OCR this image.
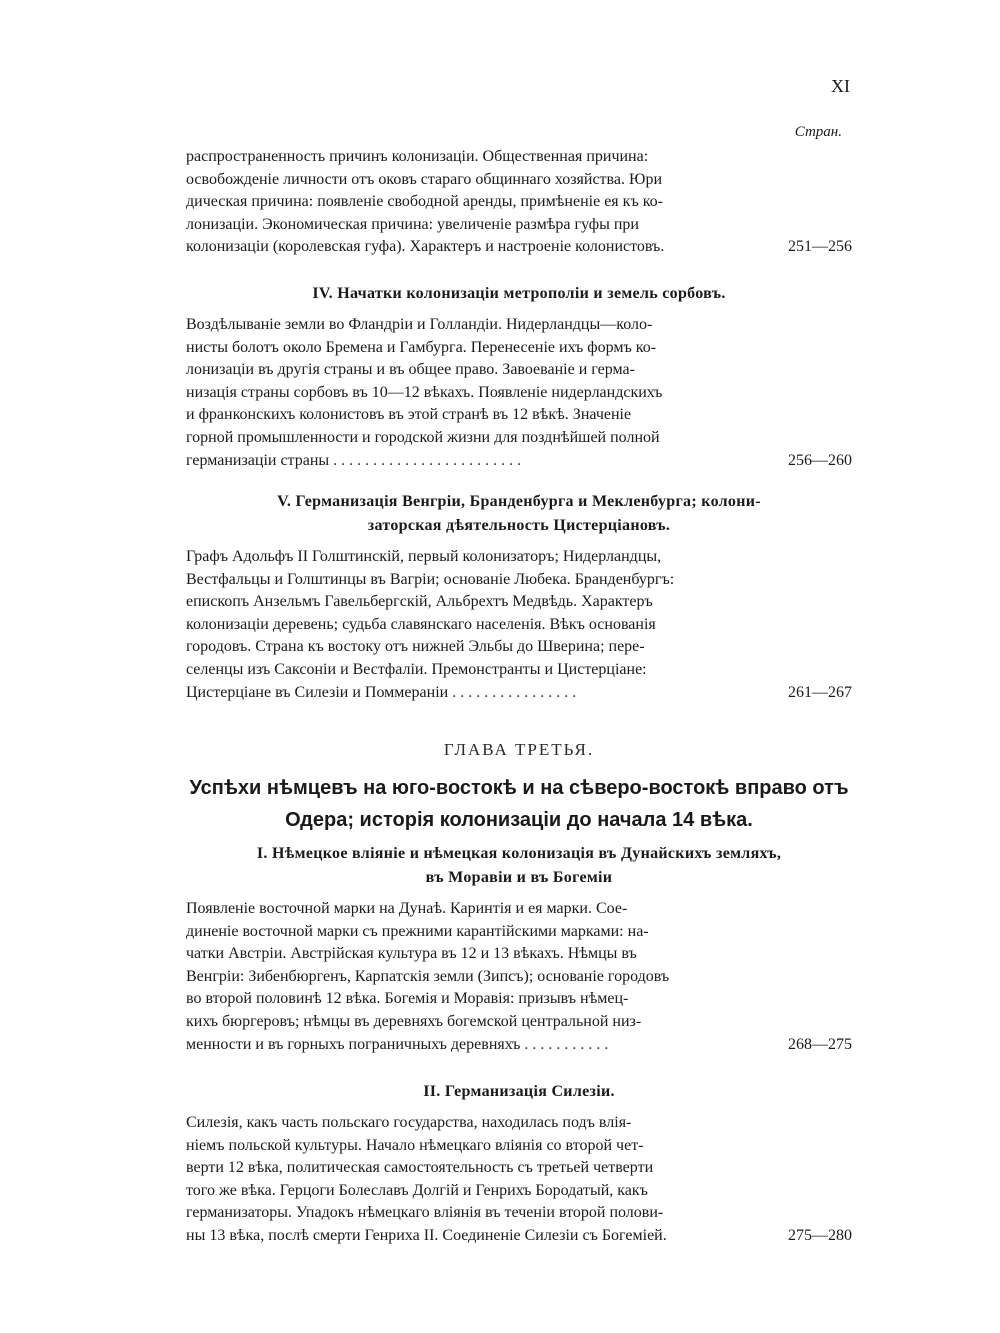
XI
Стран.
распространенность причинъ колонизаціи. Общественная причина:
освобожденіе личности отъ оковъ стараго общиннаго хозяйства. Юри
дическая причина: появленіе свободной аренды, примѣненіе ея къ ко-
лонизаціи. Экономическая причина: увеличеніе размѣра гуфы при
251—256
колонизаціи (королевская гуфа). Характеръ и настроеніе колонистовъ.
IV. Начатки колонизаціи метрополіи и земель сорбовъ.
Воздѣлываніе земли во Фландріи и Голландіи. Нидерландцы—коло-
нисты болотъ около Бремена и Гамбурга. Перенесеніе ихъ формъ ко-
лонизаціи въ другія страны и въ общее право. Завоеваніе и герма-
низація страны сорбовъ въ 10—12 вѣкахъ. Появленіе нидерландскихъ
и франконскихъ колонистовъ въ этой странѣ въ 12 вѣкѣ. Значеніе
горной промышленности и городской жизни для позднѣйшей полной
256—260
германизаціи страны . . . . . . . . . . . . . . . . . . . . . . . .
V. Германизація Венгріи, Бранденбурга и Мекленбурга; колони-
заторская дѣятельность Цистерціановъ.
Графъ Адольфъ II Голштинскій, первый колонизаторъ; Нидерландцы,
Вестфальцы и Голштинцы въ Вагріи; основаніе Любека. Бранденбургъ:
епископъ Анзельмъ Гавельбергскій, Альбрехтъ Медвѣдь. Характеръ
колонизаціи деревень; судьба славянскаго населенія. Вѣкъ основанія
городовъ. Страна къ востоку отъ нижней Эльбы до Шверина; пере-
селенцы изъ Саксоніи и Вестфаліи. Премонстранты и Цистерціане:
261—267
Цистерціане въ Силезіи и Поммераніи . . . . . . . . . . . . . . . .
ГЛАВА ТРЕТЬЯ.
Успѣхи нѣмцевъ на юго-востокѣ и на сѣверо-востокѣ вправо отъ
Одера; исторія колонизаціи до начала 14 вѣка.
I. Нѣмецкое вліяніе и нѣмецкая колонизація въ Дунайскихъ земляхъ,
въ Моравіи и въ Богеміи
Появленіе восточной марки на Дунаѣ. Каринтія и ея марки. Сое-
диненіе восточной марки съ прежними карантійскими марками: на-
чатки Австріи. Австрійская культура въ 12 и 13 вѣкахъ. Нѣмцы въ
Венгріи: Зибенбюргенъ, Карпатскія земли (Зипсъ); основаніе городовъ
во второй половинѣ 12 вѣка. Богемія и Моравія: призывъ нѣмец-
кихъ бюргеровъ; нѣмцы въ деревняхъ богемской центральной низ-
268—275
менности и въ горныхъ пограничныхъ деревняхъ . . . . . . . . . . .
II. Германизація Силезіи.
Силезія, какъ часть польскаго государства, находилась подъ влія-
ніемъ польской культуры. Начало нѣмецкаго вліянія со второй чет-
верти 12 вѣка, политическая самостоятельность съ третьей четверти
того же вѣка. Герцоги Болеславъ Долгій и Генрихъ Бородатый, какъ
германизаторы. Упадокъ нѣмецкаго вліянія въ теченіи второй полови-
275—280
ны 13 вѣка, послѣ смерти Генриха II. Соединеніе Силезіи съ Богеміей.
